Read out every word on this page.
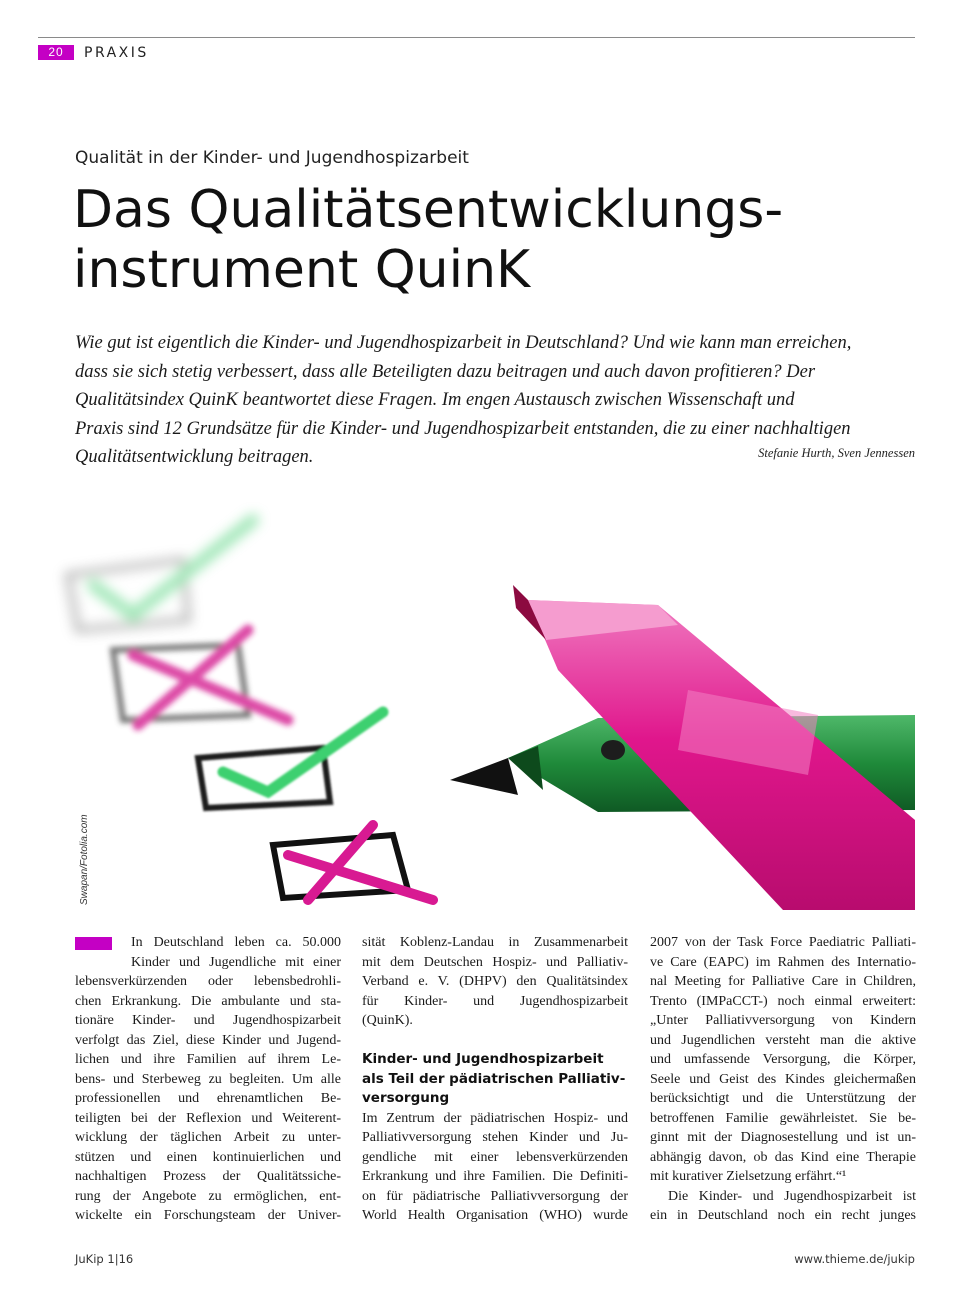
20	PRAXIS
Qualität in der Kinder- und Jugendhospizarbeit
Das Qualitätsentwicklungs-
instrument QuinK
Wie gut ist eigentlich die Kinder- und Jugendhospizarbeit in Deutschland? Und wie kann man erreichen,
dass sie sich stetig verbessert, dass alle Beteiligten dazu beitragen und auch davon profitieren? Der
Qualitätsindex QuinK beantwortet diese Fragen. Im engen Austausch zwischen Wissenschaft und
Praxis sind 12 Grundsätze für die Kinder- und Jugendhospizarbeit entstanden, die zu einer nachhaltigen
Qualitätsentwicklung beitragen.	Stefanie Hurth, Sven Jennessen
Swapan/Fotolia.com
In Deutschland leben ca. 50.000
Kinder und Jugendliche mit einer
lebensverkürzenden oder lebensbedrohli-
chen Erkrankung. Die ambulante und sta-
tionäre Kinder- und Jugendhospizarbeit
verfolgt das Ziel, diese Kinder und Jugend-
lichen und ihre Familien auf ihrem Le-
bens- und Sterbeweg zu begleiten. Um alle
professionellen und ehrenamtlichen Be-
teiligten bei der Reflexion und Weiterent-
wicklung der täglichen Arbeit zu unter-
stützen und einen kontinuierlichen und
nachhaltigen Prozess der Qualitätssiche-
rung der Angebote zu ermöglichen, ent-
wickelte ein Forschungsteam der Univer-
sität Koblenz-Landau in Zusammenarbeit
mit dem Deutschen Hospiz- und Palliativ-
Verband e. V. (DHPV) den Qualitätsindex
für Kinder- und Jugendhospizarbeit
(QuinK).
Kinder- und Jugendhospizarbeit
als Teil der pädiatrischen Palliativ-
versorgung
Im Zentrum der pädiatrischen Hospiz- und
Palliativversorgung stehen Kinder und Ju-
gendliche mit einer lebensverkürzenden
Erkrankung und ihre Familien. Die Definiti-
on für pädiatrische Palliativversorgung der
World Health Organisation (WHO) wurde
2007 von der Task Force Paediatric Palliati-
ve Care (EAPC) im Rahmen des Internatio-
nal Meeting for Palliative Care in Children,
Trento (IMPaCCT-) noch einmal erweitert:
„Unter Palliativversorgung von Kindern
und Jugendlichen versteht man die aktive
und umfassende Versorgung, die Körper,
Seele und Geist des Kindes gleichermaßen
berücksichtigt und die Unterstützung der
betroffenen Familie gewährleistet. Sie be-
ginnt mit der Diagnosestellung und ist un-
abhängig davon, ob das Kind eine Therapie
mit kurativer Zielsetzung erfährt.“¹
Die Kinder- und Jugendhospizarbeit ist
ein in Deutschland noch ein recht junges
JuKip 1|16	www.thieme.de/jukip
